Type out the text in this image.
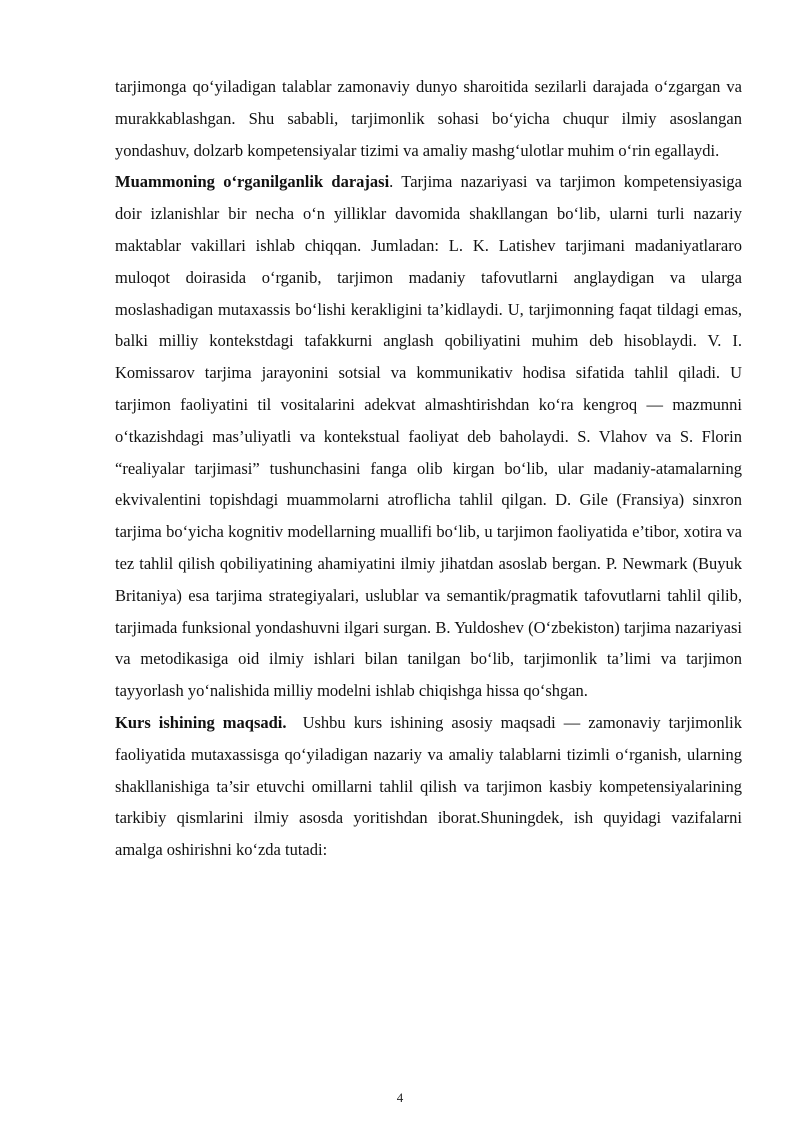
tarjimonga qo‘yiladigan talablar zamonaviy dunyo sharoitida sezilarli darajada o‘zgargan va murakkablashgan. Shu sababli, tarjimonlik sohasi bo‘yicha chuqur ilmiy asoslangan yondashuv, dolzarb kompetensiyalar tizimi va amaliy mashg‘ulotlar muhim o‘rin egallaydi.

Muammoning o‘rganilganlik darajasi. Tarjima nazariyasi va tarjimon kompetensiyasiga doir izlanishlar bir necha o‘n yilliklar davomida shakllangan bo‘lib, ularni turli nazariy maktablar vakillari ishlab chiqqan. Jumladan: L. K. Latishev tarjimani madaniyatlararo muloqot doirasida o‘rganib, tarjimon madaniy tafovutlarni anglaydigan va ularga moslashadigan mutaxassis bo‘lishi kerakligini ta’kidlaydi. U, tarjimonning faqat tildagi emas, balki milliy kontekstdagi tafakkurni anglash qobiliyatini muhim deb hisoblaydi. V. I. Komissarov tarjima jarayonini sotsial va kommunikativ hodisa sifatida tahlil qiladi. U tarjimon faoliyatini til vositalarini adekvat almashtirishdan ko‘ra kengroq — mazmunni o‘tkazishdagi mas’uliyatli va kontekstual faoliyat deb baholaydi. S. Vlahov va S. Florin “realiyalar tarjimasi” tushunchasini fanga olib kirgan bo‘lib, ular madaniy-atamalarning ekvivalentini topishdagi muammolarni atroflicha tahlil qilgan. D. Gile (Fransiya) sinxron tarjima bo‘yicha kognitiv modellarning muallifi bo‘lib, u tarjimon faoliyatida e’tibor, xotira va tez tahlil qilish qobiliyatining ahamiyatini ilmiy jihatdan asoslab bergan. P. Newmark (Buyuk Britaniya) esa tarjima strategiyalari, uslublar va semantik/pragmatik tafovutlarni tahlil qilib, tarjimada funksional yondashuvni ilgari surgan. B. Yuldoshev (O‘zbekiston) tarjima nazariyasi va metodikasiga oid ilmiy ishlari bilan tanilgan bo‘lib, tarjimonlik ta’limi va tarjimon tayyorlash yo‘nalishida milliy modelni ishlab chiqishga hissa qo‘shgan.

Kurs ishining maqsadi. Ushbu kurs ishining asosiy maqsadi — zamonaviy tarjimonlik faoliyatida mutaxassisga qo‘yiladigan nazariy va amaliy talablarni tizimli o‘rganish, ularning shakllanishiga ta’sir etuvchi omillarni tahlil qilish va tarjimon kasbiy kompetensiyalarining tarkibiy qismlarini ilmiy asosda yoritishdan iborat.Shuningdek, ish quyidagi vazifalarni amalga oshirishni ko‘zda tutadi:

4
